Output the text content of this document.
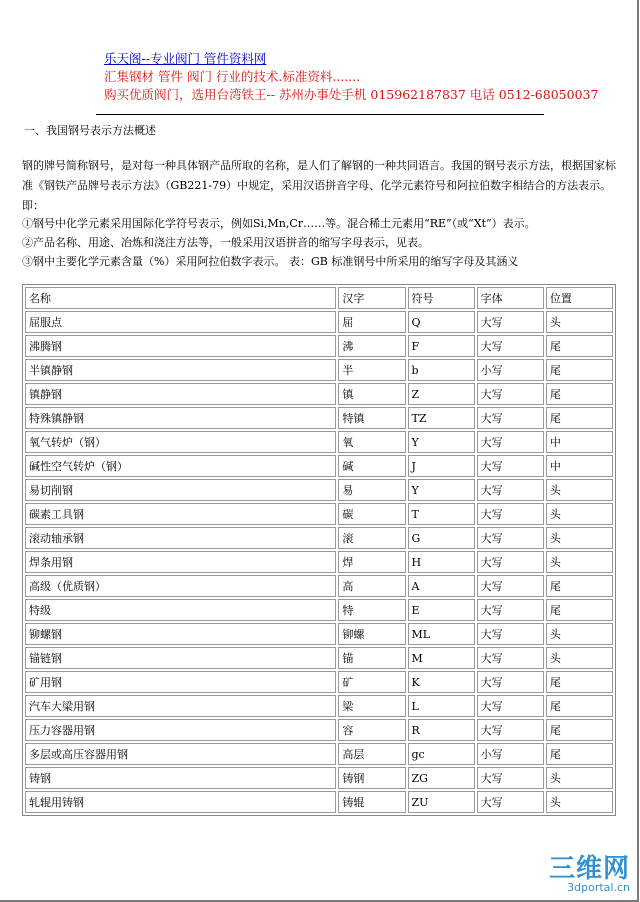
乐天阁--专业阀门 管件资料网
汇集钢材 管件 阀门 行业的技术.标准资料.......
购买优质阀门，选用台湾铁王-- 苏州办事处手机 015962187837 电话 0512-68050037
一、我国钢号表示方法概述
钢的牌号简称钢号，是对每一种具体钢产品所取的名称，是人们了解钢的一种共同语言。我国的钢号表示方法，根据国家标准《钢铁产品牌号表示方法》（GB221-79）中规定，采用汉语拼音字母、化学元素符号和阿拉伯数字相结合的方法表示。即：
①钢号中化学元素采用国际化学符号表示，例如Si,Mn,Cr……等。混合稀土元素用“RE”（或“Xt”）表示。
②产品名称、用途、冶炼和浇注方法等，一般采用汉语拼音的缩写字母表示，见表。
③钢中主要化学元素含量（%）采用阿拉伯数字表示。 表：GB 标准钢号中所采用的缩写字母及其涵义
名称	汉字	符号	字体	位置
屈服点	屈	Q	大写	头
沸腾钢	沸	F	大写	尾
半镇静钢	半	b	小写	尾
镇静钢	镇	Z	大写	尾
特殊镇静钢	特镇	TZ	大写	尾
氧气转炉（钢）	氧	Y	大写	中
碱性空气转炉（钢）	碱	J	大写	中
易切削钢	易	Y	大写	头
碳素工具钢	碳	T	大写	头
滚动轴承钢	滚	G	大写	头
焊条用钢	焊	H	大写	头
高级（优质钢）	高	A	大写	尾
特级	特	E	大写	尾
铆螺钢	铆螺	ML	大写	头
锚链钢	锚	M	大写	头
矿用钢	矿	K	大写	尾
汽车大梁用钢	梁	L	大写	尾
压力容器用钢	容	R	大写	尾
多层或高压容器用钢	高层	gc	小写	尾
铸钢	铸钢	ZG	大写	头
轧辊用铸钢	铸辊	ZU	大写	头
三维网
3dportal.cn
